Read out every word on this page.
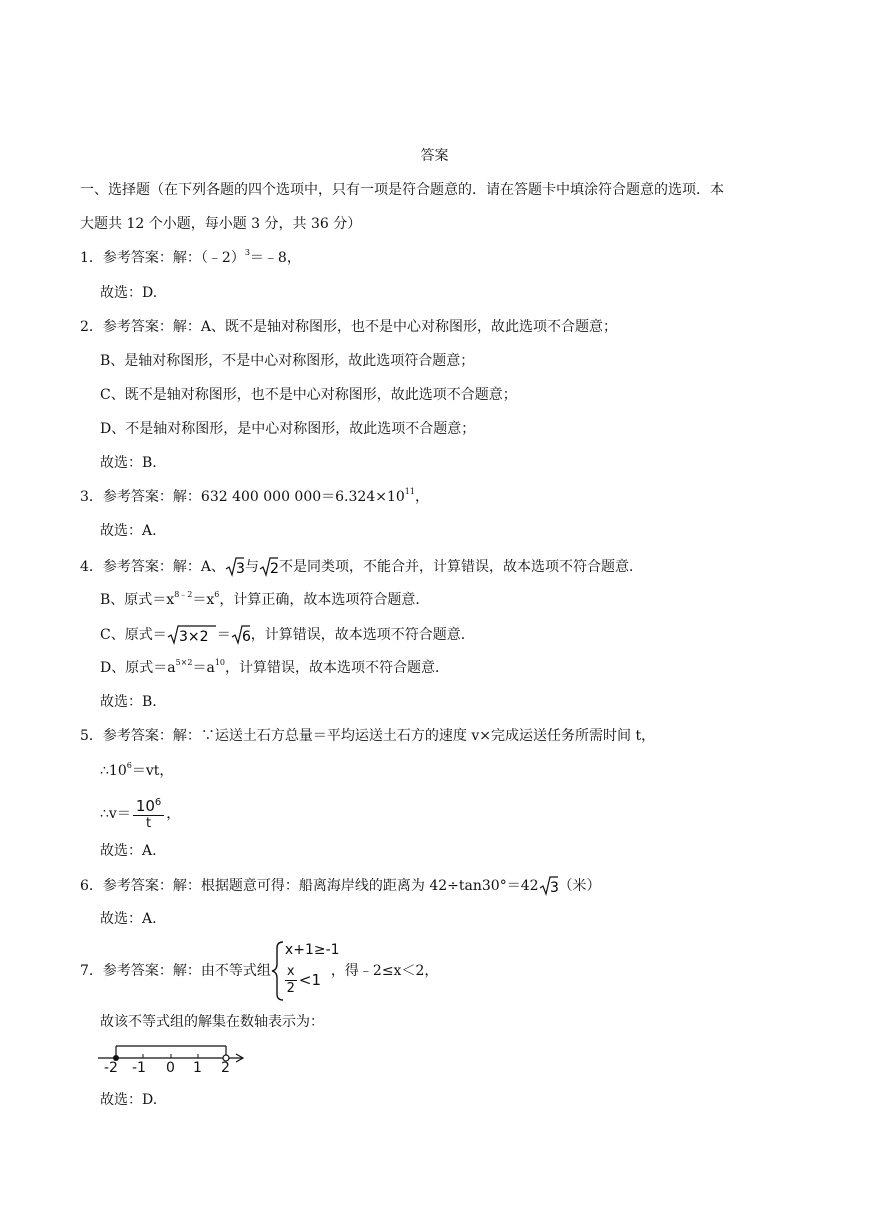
答案
一、选择题（在下列各题的四个选项中，只有一项是符合题意的．请在答题卡中填涂符合题意的选项．本
大题共 12 个小题，每小题 3 分，共 36 分）
1．参考答案：解：（﹣2）$^3$＝﹣8，
故选：D.
2．参考答案：解：A、既不是轴对称图形，也不是中心对称图形，故此选项不合题意；
B、是轴对称图形，不是中心对称图形，故此选项符合题意；
C、既不是轴对称图形，也不是中心对称图形，故此选项不合题意；
D、不是轴对称图形，是中心对称图形，故此选项不合题意；
故选：B.
3．参考答案：解：632 400 000 $000=6.324\times 10^{11}$，
故选：A.
4．参考答案：解：A、 3 与 2 不是同类项，不能合并，计算错误，故本选项不符合题意．
B、原式$=x^{8﹣2}=x^6$，计算正确，故本选项符合题意．
C、原式＝ 3×2 ＝ 6 ，计算错误，故本选项不符合题意．
D、原式$=a^{5\times 2}=a^{10}$，计算错误，故本选项不符合题意．
故选：B.
5．参考答案：解：∵运送土石方总量＝平均运送土石方的速度 v×完成运送任务所需时间 t，
$\therefore 10^6=vt$，
∴v＝ $\frac{10^6}{t}$ ，
故选：A.
6．参考答案：解：根据题意可得：船离海岸线的距离为 42÷tan30°＝42 3 （米）
故选：A.
7．参考答案：解：由不等式组
x+1≥-1
x
2 <1 ，得﹣2≤x＜2，
故该不等式组的解集在数轴表示为：
-2 -1 0 1 2
故选：D.
